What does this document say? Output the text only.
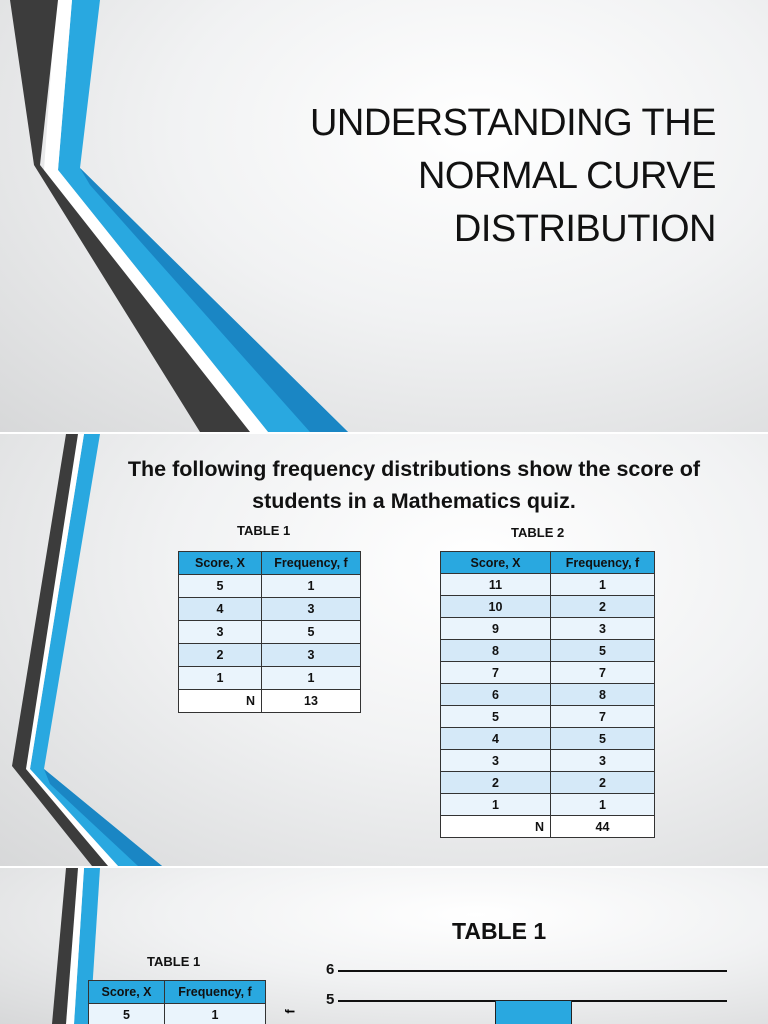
UNDERSTANDING THE
NORMAL CURVE
DISTRIBUTION
The following frequency distributions show the score of
students in a Mathematics quiz.
TABLE 1	TABLE 2
Score, X	Frequency, f
5	1
4	3
3	5
2	3
1	1
N	13
Score, X	Frequency, f
11	1
10	2
9	3
8	5
7	7
6	8
5	7
4	5
3	3
2	2
1	1
N	44
TABLE 1
TABLE 1
Score, X	Frequency, f
5	1
6
5
f
